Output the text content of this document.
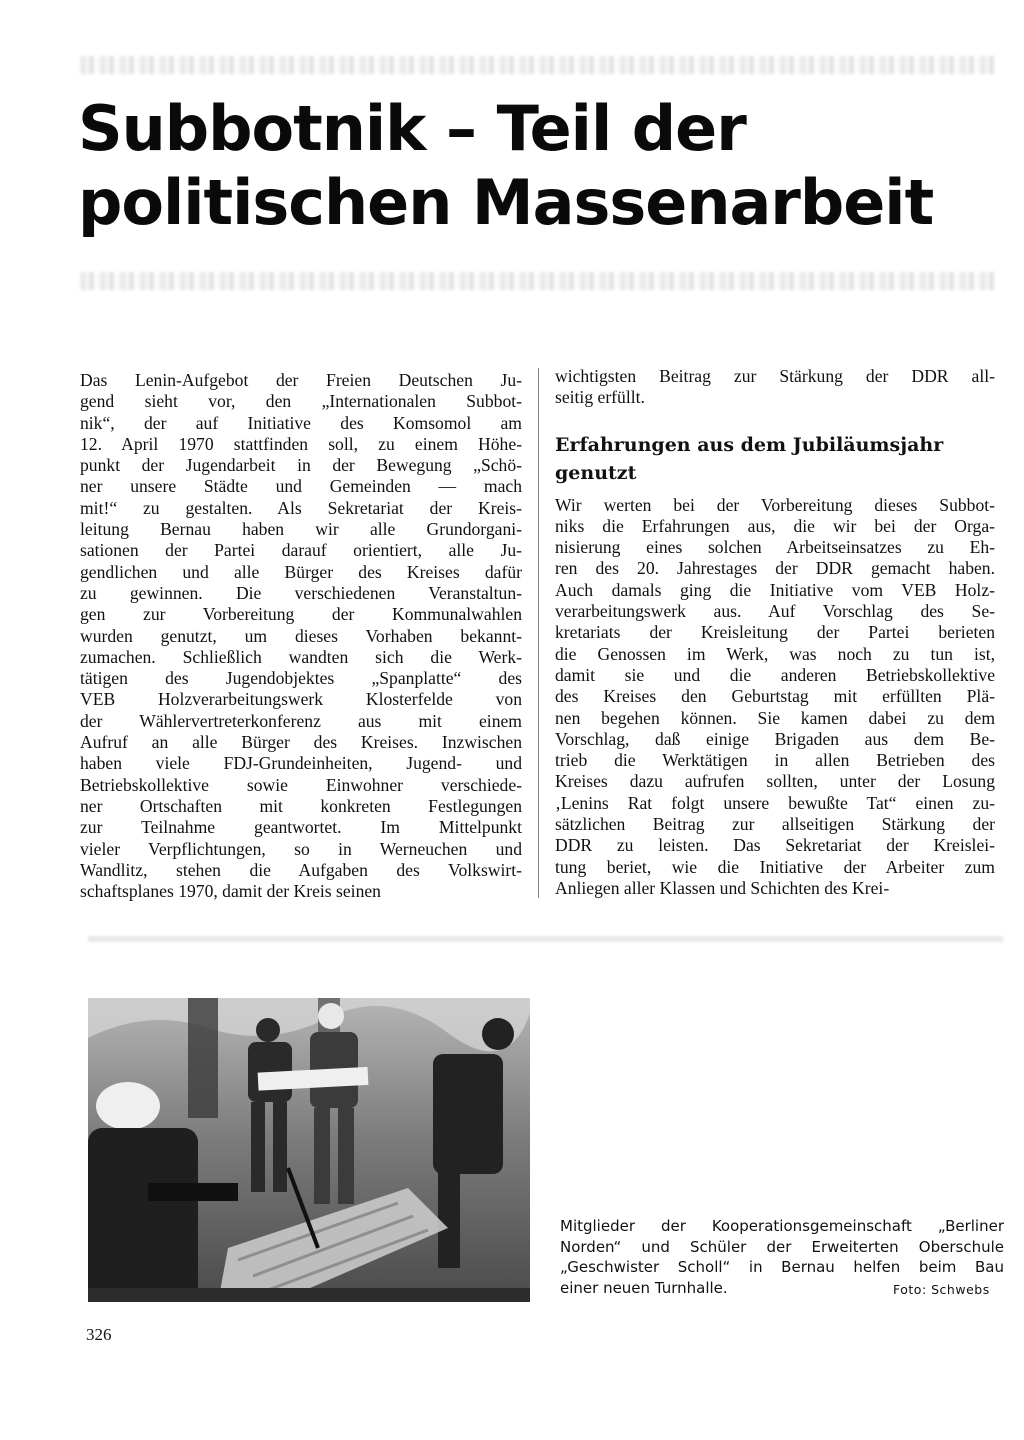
Subbotnik – Teil der
politischen Massenarbeit

Das Lenin-Aufgebot der Freien Deutschen Ju-
gend sieht vor, den „Internationalen Subbot-
nik“, der auf Initiative des Komsomol am
12. April 1970 stattfinden soll, zu einem Höhe-
punkt der Jugendarbeit in der Bewegung „Schö-
ner unsere Städte und Gemeinden — mach
mit!“ zu gestalten. Als Sekretariat der Kreis-
leitung Bernau haben wir alle Grundorgani-
sationen der Partei darauf orientiert, alle Ju-
gendlichen und alle Bürger des Kreises dafür
zu gewinnen. Die verschiedenen Veranstaltun-
gen zur Vorbereitung der Kommunalwahlen
wurden genutzt, um dieses Vorhaben bekannt-
zumachen. Schließlich wandten sich die Werk-
tätigen des Jugendobjektes „Spanplatte“ des
VEB Holzverarbeitungswerk Klosterfelde von
der Wählervertreterkonferenz aus mit einem
Aufruf an alle Bürger des Kreises. Inzwischen
haben viele FDJ-Grundeinheiten, Jugend- und
Betriebskollektive sowie Einwohner verschiede-
ner Ortschaften mit konkreten Festlegungen
zur Teilnahme geantwortet. Im Mittelpunkt
vieler Verpflichtungen, so in Werneuchen und
Wandlitz, stehen die Aufgaben des Volkswirt-
schaftsplanes 1970, damit der Kreis seinen

wichtigsten Beitrag zur Stärkung der DDR all-
seitig erfüllt.

Erfahrungen aus dem Jubiläumsjahr
genutzt

Wir werten bei der Vorbereitung dieses Subbot-
niks die Erfahrungen aus, die wir bei der Orga-
nisierung eines solchen Arbeitseinsatzes zu Eh-
ren des 20. Jahrestages der DDR gemacht haben.
Auch damals ging die Initiative vom VEB Holz-
verarbeitungswerk aus. Auf Vorschlag des Se-
kretariats der Kreisleitung der Partei berieten
die Genossen im Werk, was noch zu tun ist,
damit sie und die anderen Betriebskollektive
des Kreises den Geburtstag mit erfüllten Plä-
nen begehen können. Sie kamen dabei zu dem
Vorschlag, daß einige Brigaden aus dem Be-
trieb die Werktätigen in allen Betrieben des
Kreises dazu aufrufen sollten, unter der Losung
‚Lenins Rat folgt unsere bewußte Tat“ einen zu-
sätzlichen Beitrag zur allseitigen Stärkung der
DDR zu leisten. Das Sekretariat der Kreislei-
tung beriet, wie die Initiative der Arbeiter zum
Anliegen aller Klassen und Schichten des Krei-

Mitglieder der Kooperationsgemeinschaft „Berliner
Norden“ und Schüler der Erweiterten Oberschule
„Geschwister Scholl“ in Bernau helfen beim Bau
einer neuen Turnhalle.	Foto: Schwebs
326
